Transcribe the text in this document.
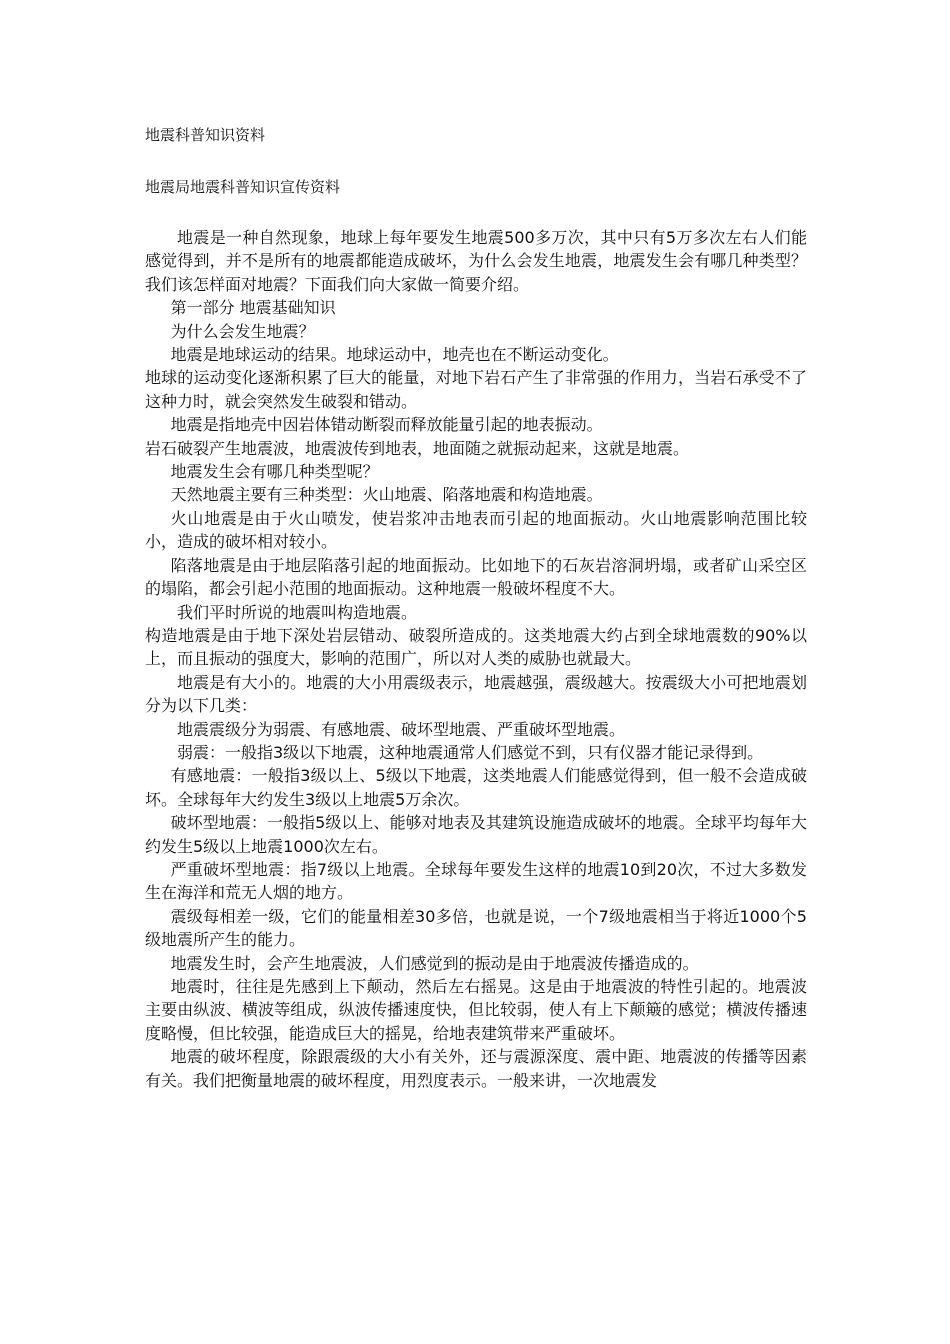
地震科普知识资料
地震局地震科普知识宣传资料

地震是一种自然现象，地球上每年要发生地震500多万次，其中只有5万多次左右人们能感觉得到，并不是所有的地震都能造成破坏，为什么会发生地震，地震发生会有哪几种类型？我们该怎样面对地震？下面我们向大家做一简要介绍。

第一部分 地震基础知识

为什么会发生地震？

地震是地球运动的结果。地球运动中，地壳也在不断运动变化。

地球的运动变化逐渐积累了巨大的能量，对地下岩石产生了非常强的作用力，当岩石承受不了这种力时，就会突然发生破裂和错动。

地震是指地壳中因岩体错动断裂而释放能量引起的地表振动。

岩石破裂产生地震波，地震波传到地表，地面随之就振动起来，这就是地震。

地震发生会有哪几种类型呢？

天然地震主要有三种类型：火山地震、陷落地震和构造地震。

火山地震是由于火山喷发，使岩浆冲击地表而引起的地面振动。火山地震影响范围比较小，造成的破坏相对较小。

陷落地震是由于地层陷落引起的地面振动。比如地下的石灰岩溶洞坍塌，或者矿山采空区的塌陷，都会引起小范围的地面振动。这种地震一般破坏程度不大。

我们平时所说的地震叫构造地震。

构造地震是由于地下深处岩层错动、破裂所造成的。这类地震大约占到全球地震数的90%以上，而且振动的强度大，影响的范围广，所以对人类的威胁也就最大。

地震是有大小的。地震的大小用震级表示，地震越强，震级越大。按震级大小可把地震划分为以下几类：

地震震级分为弱震、有感地震、破坏型地震、严重破坏型地震。

弱震：一般指3级以下地震，这种地震通常人们感觉不到，只有仪器才能记录得到。

有感地震：一般指3级以上、5级以下地震，这类地震人们能感觉得到，但一般不会造成破坏。全球每年大约发生3级以上地震5万余次。

破坏型地震：一般指5级以上、能够对地表及其建筑设施造成破坏的地震。全球平均每年大约发生5级以上地震1000次左右。

严重破坏型地震：指7级以上地震。全球每年要发生这样的地震10到20次，不过大多数发生在海洋和荒无人烟的地方。

震级每相差一级，它们的能量相差30多倍，也就是说，一个7级地震相当于将近1000个5级地震所产生的能力。

地震发生时，会产生地震波，人们感觉到的振动是由于地震波传播造成的。

地震时，往往是先感到上下颠动，然后左右摇晃。这是由于地震波的特性引起的。地震波主要由纵波、横波等组成，纵波传播速度快，但比较弱，使人有上下颠簸的感觉；横波传播速度略慢，但比较强，能造成巨大的摇晃，给地表建筑带来严重破坏。

地震的破坏程度，除跟震级的大小有关外，还与震源深度、震中距、地震波的传播等因素有关。我们把衡量地震的破坏程度，用烈度表示。一般来讲，一次地震发
